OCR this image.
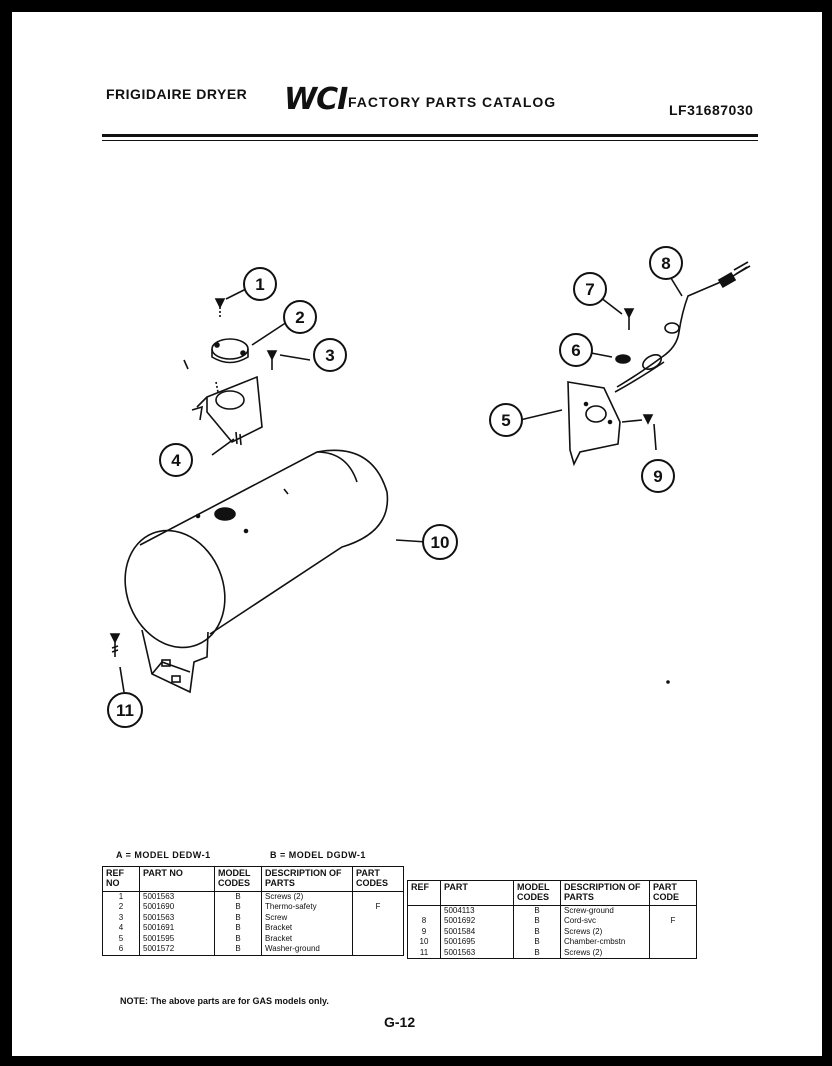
FRIGIDAIRE DRYER WCI FACTORY PARTS CATALOG	LF31687030
1
2
3
4
5
6
7
8
9
10
11
A = MODEL DEDW-1	B = MODEL DGDW-1
REF NO	PART NO	MODEL CODES	DESCRIPTION OF PARTS	PART CODES
1	5001563	B	Screws (2)	
2	5001690	B	Thermo-safety	F
3	5001563	B	Screw	
4	5001691	B	Bracket	
5	5001595	B	Bracket	
6	5001572	B	Washer-ground	
REF	PART	MODEL CODES	DESCRIPTION OF PARTS	PART CODE
	5004113	B	Screw-ground	
8	5001692	B	Cord-svc	F
9	5001584	B	Screws (2)	
10	5001695	B	Chamber-cmbstn	
11	5001563	B	Screws (2)	
NOTE: The above parts are for GAS models only.
G-12
